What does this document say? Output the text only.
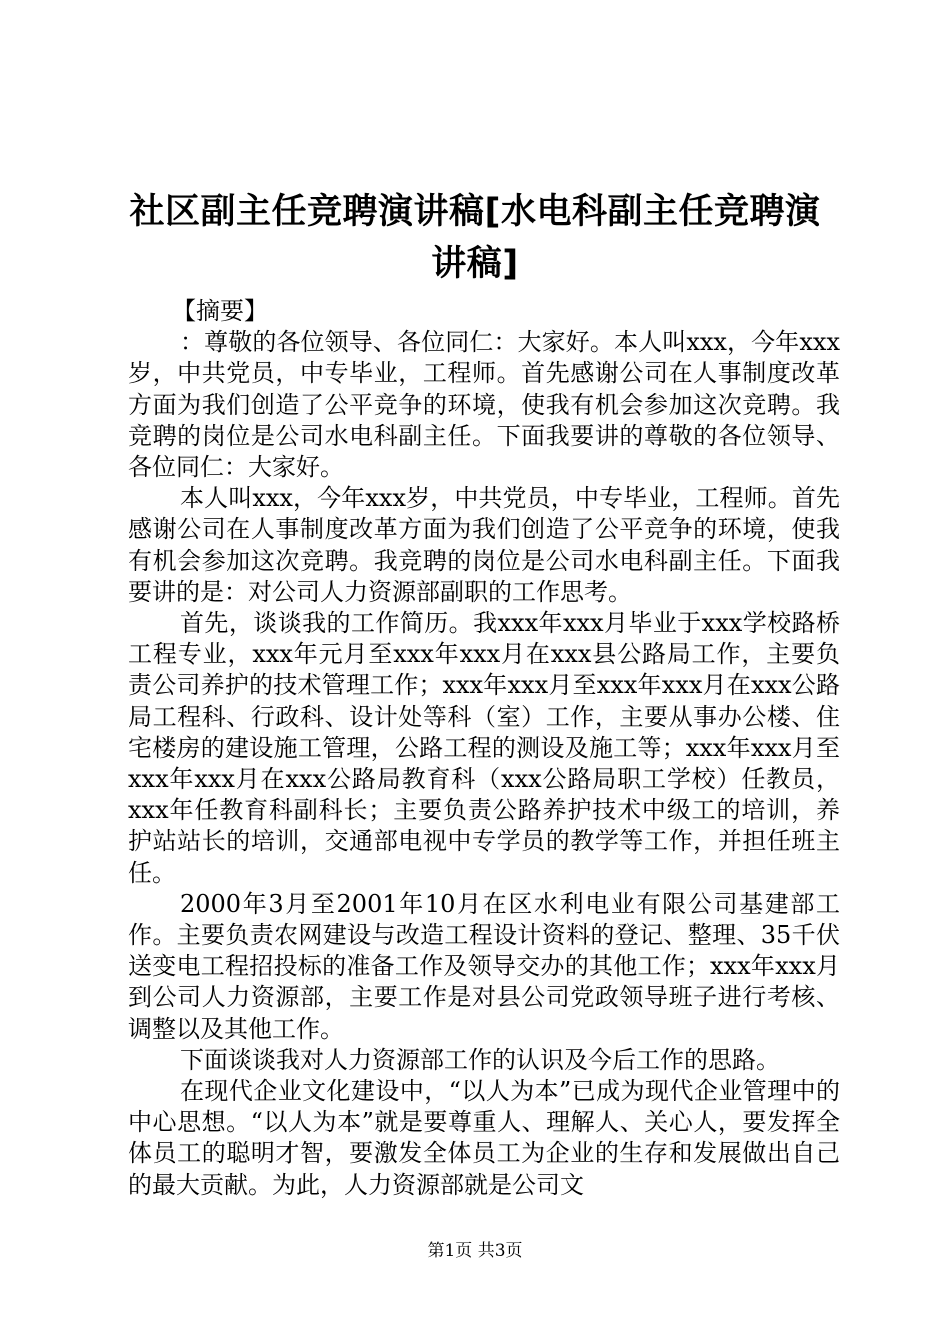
社区副主任竞聘演讲稿[水电科副主任竞聘演讲稿]

【摘要】

：尊敬的各位领导、各位同仁：大家好。本人叫xxx，今年xxx岁，中共党员，中专毕业，工程师。首先感谢公司在人事制度改革方面为我们创造了公平竞争的环境，使我有机会参加这次竞聘。我竞聘的岗位是公司水电科副主任。下面我要讲的尊敬的各位领导、各位同仁：大家好。

本人叫xxx，今年xxx岁，中共党员，中专毕业，工程师。首先感谢公司在人事制度改革方面为我们创造了公平竞争的环境，使我有机会参加这次竞聘。我竞聘的岗位是公司水电科副主任。下面我要讲的是：对公司人力资源部副职的工作思考。

首先，谈谈我的工作简历。我xxx年xxx月毕业于xxx学校路桥工程专业，xxx年元月至xxx年xxx月在xxx县公路局工作，主要负责公司养护的技术管理工作；xxx年xxx月至xxx年xxx月在xxx公路局工程科、行政科、设计处等科（室）工作，主要从事办公楼、住宅楼房的建设施工管理，公路工程的测设及施工等；xxx年xxx月至xxx年xxx月在xxx公路局教育科（xxx公路局职工学校）任教员，xxx年任教育科副科长；主要负责公路养护技术中级工的培训，养护站站长的培训，交通部电视中专学员的教学等工作，并担任班主任。

2000年3月至2001年10月在区水利电业有限公司基建部工作。主要负责农网建设与改造工程设计资料的登记、整理、35千伏送变电工程招投标的准备工作及领导交办的其他工作；xxx年xxx月到公司人力资源部，主要工作是对县公司党政领导班子进行考核、调整以及其他工作。

下面谈谈我对人力资源部工作的认识及今后工作的思路。

在现代企业文化建设中，“以人为本”已成为现代企业管理中的中心思想。“以人为本”就是要尊重人、理解人、关心人，要发挥全体员工的聪明才智，要激发全体员工为企业的生存和发展做出自己的最大贡献。为此，人力资源部就是公司文

第1页 共3页
